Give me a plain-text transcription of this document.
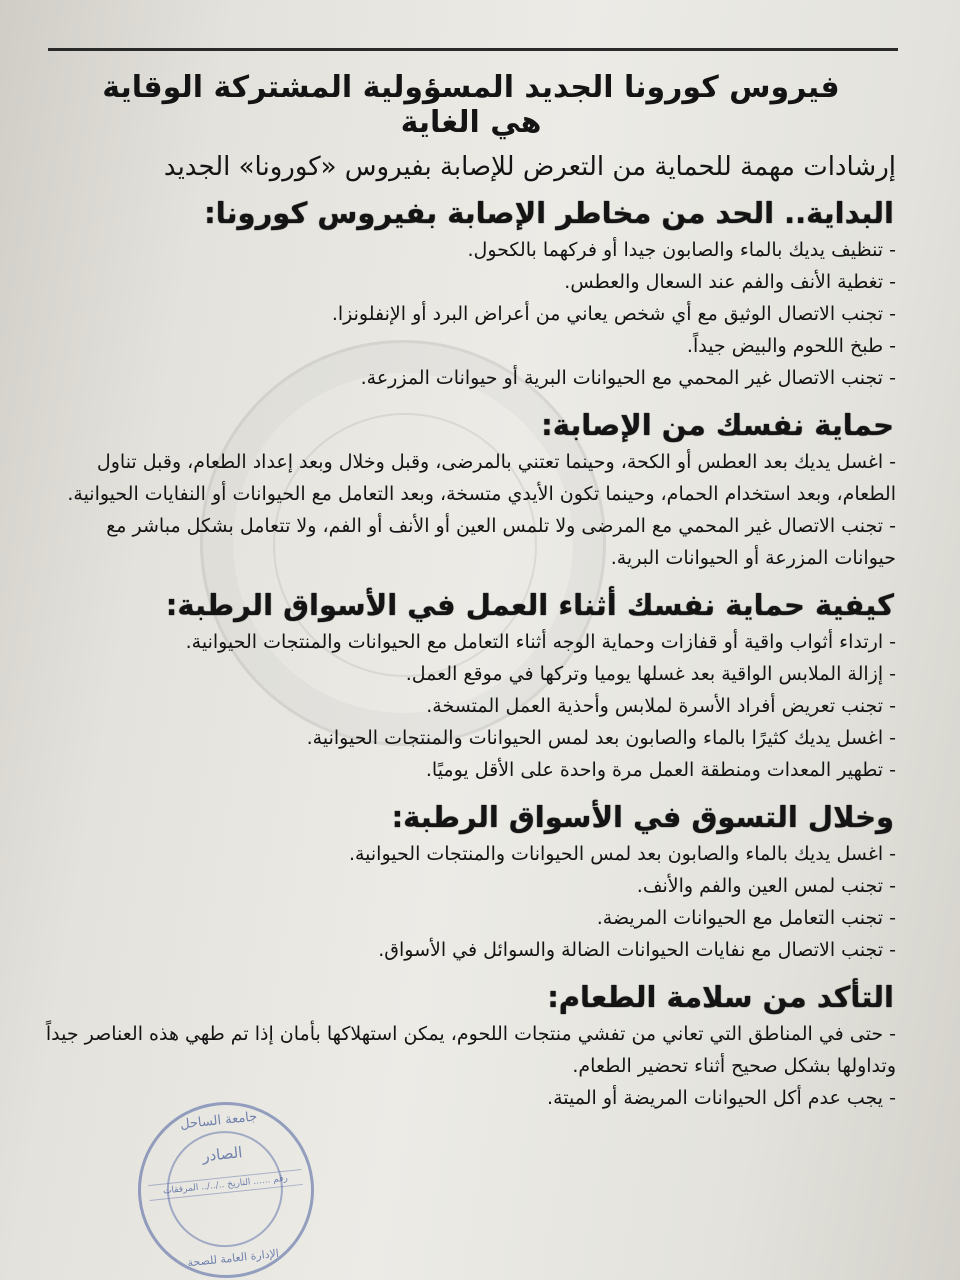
فيروس كورونا الجديد المسؤولية المشتركة الوقاية هي الغاية
إرشادات مهمة للحماية من التعرض للإصابة بفيروس «كورونا» الجديد
البداية.. الحد من مخاطر الإصابة بفيروس كورونا:

- تنظيف يديك بالماء والصابون جيدا أو فركهما بالكحول.

- تغطية الأنف والفم عند السعال والعطس.

- تجنب الاتصال الوثيق مع أي شخص يعاني من أعراض البرد أو الإنفلونزا.

- طبخ اللحوم والبيض جيداً.

- تجنب الاتصال غير المحمي مع الحيوانات البرية أو حيوانات المزرعة.

حماية نفسك من الإصابة:

- اغسل يديك بعد العطس أو الكحة، وحينما تعتني بالمرضى، وقبل وخلال وبعد إعداد الطعام، وقبل تناول الطعام، وبعد استخدام الحمام، وحينما تكون الأيدي متسخة، وبعد التعامل مع الحيوانات أو النفايات الحيوانية.

- تجنب الاتصال غير المحمي مع المرضى ولا تلمس العين أو الأنف أو الفم، ولا تتعامل بشكل مباشر مع حيوانات المزرعة أو الحيوانات البرية.

كيفية حماية نفسك أثناء العمل في الأسواق الرطبة:

- ارتداء أثواب واقية أو قفازات وحماية الوجه أثناء التعامل مع الحيوانات والمنتجات الحيوانية.

- إزالة الملابس الواقية بعد غسلها يوميا وتركها في موقع العمل.

- تجنب تعريض أفراد الأسرة لملابس وأحذية العمل المتسخة.

- اغسل يديك كثيرًا بالماء والصابون بعد لمس الحيوانات والمنتجات الحيوانية.

- تطهير المعدات ومنطقة العمل مرة واحدة على الأقل يوميًا.

وخلال التسوق في الأسواق الرطبة:

- اغسل يديك بالماء والصابون بعد لمس الحيوانات والمنتجات الحيوانية.

- تجنب لمس العين والفم والأنف.

- تجنب التعامل مع الحيوانات المريضة.

- تجنب الاتصال مع نفايات الحيوانات الضالة والسوائل في الأسواق.

التأكد من سلامة الطعام:

- حتى في المناطق التي تعاني من تفشي منتجات اللحوم، يمكن استهلاكها بأمان إذا تم طهي هذه العناصر جيداً وتداولها بشكل صحيح أثناء تحضير الطعام.

- يجب عدم أكل الحيوانات المريضة أو الميتة.

جامعة الساحل
الصادر
رقم ...... التاريخ ../../.. المرفقات
الإدارة العامة للصحة
